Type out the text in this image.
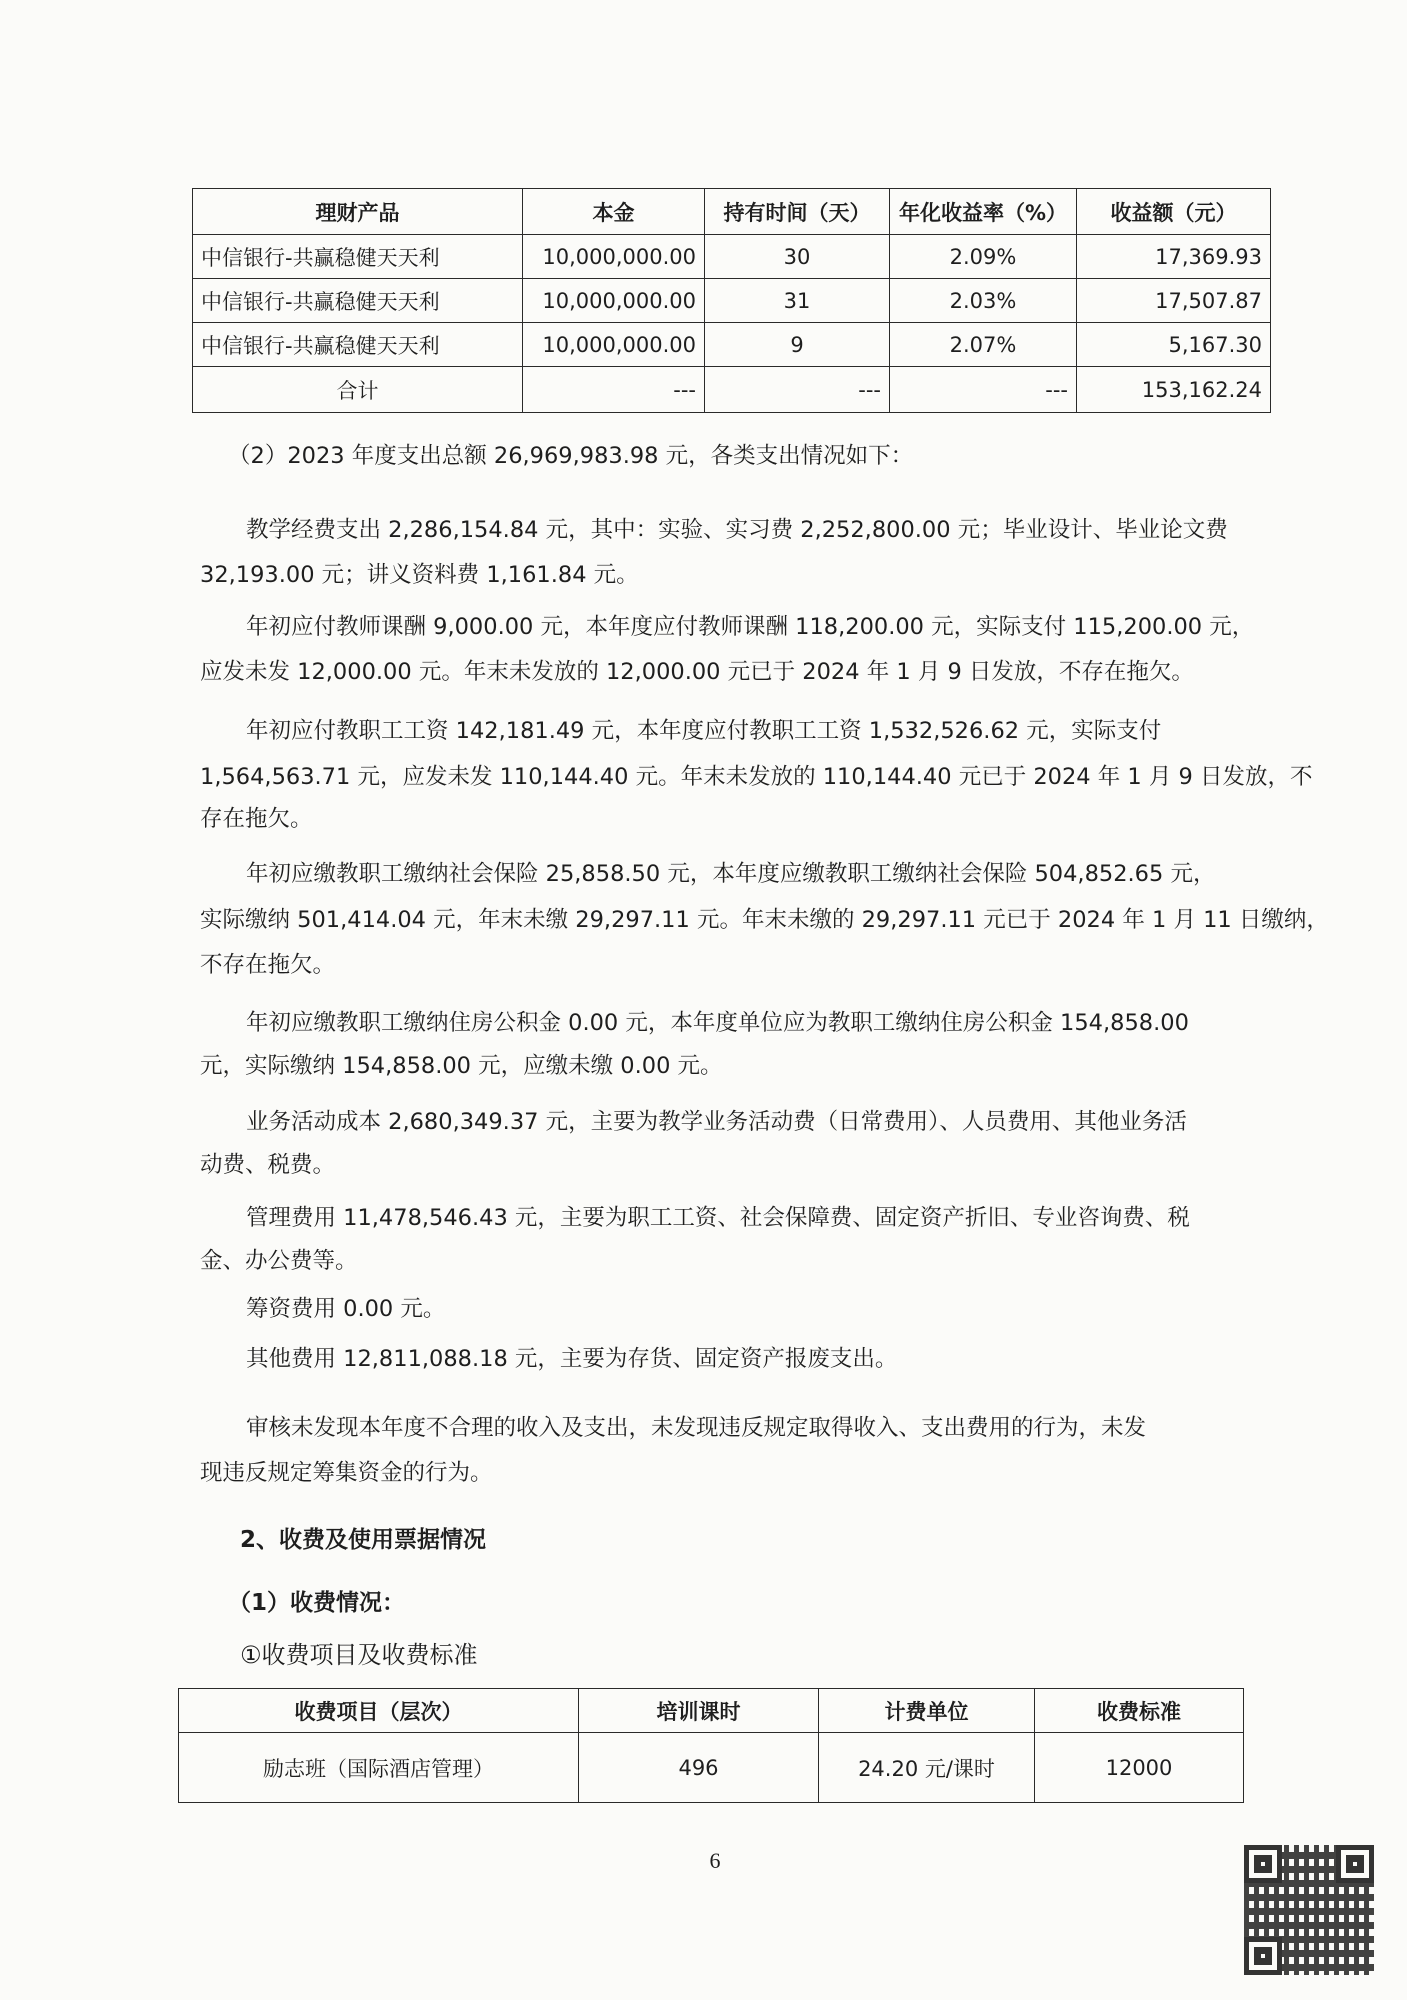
理财产品	本金	持有时间（天）	年化收益率（%）	收益额（元）
中信银行-共赢稳健天天利	10,000,000.00	30	2.09%	17,369.93
中信银行-共赢稳健天天利	10,000,000.00	31	2.03%	17,507.87
中信银行-共赢稳健天天利	10,000,000.00	9	2.07%	5,167.30
合计	---	---	---	153,162.24
（2）2023 年度支出总额 26,969,983.98 元，各类支出情况如下：
教学经费支出 2,286,154.84 元，其中：实验、实习费 2,252,800.00 元；毕业设计、毕业论文费
32,193.00 元；讲义资料费 1,161.84 元。
年初应付教师课酬 9,000.00 元，本年度应付教师课酬 118,200.00 元，实际支付 115,200.00 元，
应发未发 12,000.00 元。年末未发放的 12,000.00 元已于 2024 年 1 月 9 日发放，不存在拖欠。
年初应付教职工工资 142,181.49 元，本年度应付教职工工资 1,532,526.62 元，实际支付
1,564,563.71 元，应发未发 110,144.40 元。年末未发放的 110,144.40 元已于 2024 年 1 月 9 日发放，不
存在拖欠。
年初应缴教职工缴纳社会保险 25,858.50 元，本年度应缴教职工缴纳社会保险 504,852.65 元，
实际缴纳 501,414.04 元，年末未缴 29,297.11 元。年末未缴的 29,297.11 元已于 2024 年 1 月 11 日缴纳，
不存在拖欠。
年初应缴教职工缴纳住房公积金 0.00 元，本年度单位应为教职工缴纳住房公积金 154,858.00
元，实际缴纳 154,858.00 元，应缴未缴 0.00 元。
业务活动成本 2,680,349.37 元，主要为教学业务活动费（日常费用）、人员费用、其他业务活
动费、税费。
管理费用 11,478,546.43 元，主要为职工工资、社会保障费、固定资产折旧、专业咨询费、税
金、办公费等。
筹资费用 0.00 元。
其他费用 12,811,088.18 元，主要为存货、固定资产报废支出。
审核未发现本年度不合理的收入及支出，未发现违反规定取得收入、支出费用的行为，未发
现违反规定筹集资金的行为。
2、收费及使用票据情况
（1）收费情况：
①收费项目及收费标准
收费项目（层次）	培训课时	计费单位	收费标准
励志班（国际酒店管理）	496	24.20 元/课时	12000
6
